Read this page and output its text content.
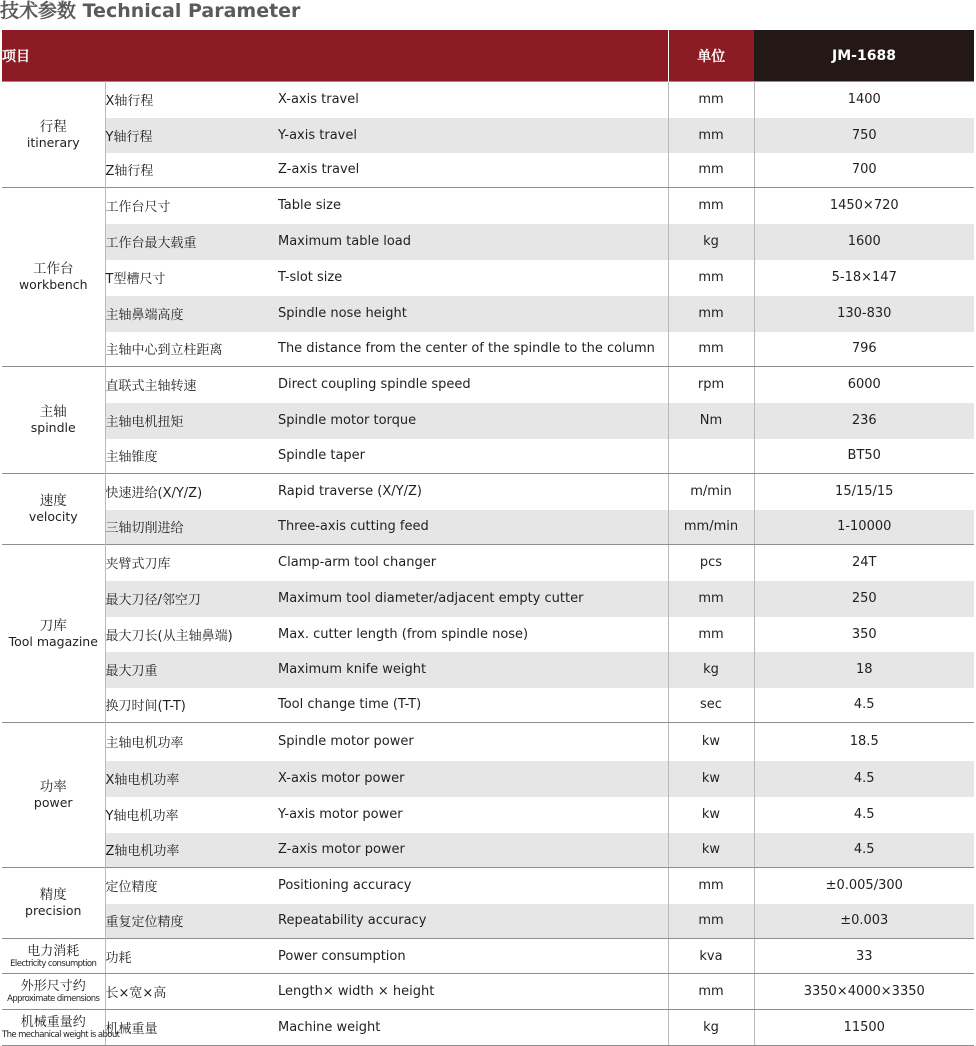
技术参数 Technical Parameter
项目			单位	JM-1688

行程
itinerary	X轴行程	X-axis travel	mm	1400
	Y轴行程	Y-axis travel	mm	750
	Z轴行程	Z-axis travel	mm	700

工作台
workbench	工作台尺寸	Table size	mm	1450×720
	工作台最大载重	Maximum table load	kg	1600
	T型槽尺寸	T-slot size	mm	5-18×147
	主轴鼻端高度	Spindle nose height	mm	130-830
	主轴中心到立柱距离	The distance from the center of the spindle to the column	mm	796

主轴
spindle	直联式主轴转速	Direct coupling spindle speed	rpm	6000
	主轴电机扭矩	Spindle motor torque	Nm	236
	主轴锥度	Spindle taper		BT50

速度
velocity	快速进给(X/Y/Z)	Rapid traverse (X/Y/Z)	m/min	15/15/15
	三轴切削进给	Three-axis cutting feed	mm/min	1-10000

刀库
Tool magazine	夹臂式刀库	Clamp-arm tool changer	pcs	24T
	最大刀径/邻空刀	Maximum tool diameter/adjacent empty cutter	mm	250
	最大刀长(从主轴鼻端)	Max. cutter length (from spindle nose)	mm	350
	最大刀重	Maximum knife weight	kg	18
	换刀时间(T-T)	Tool change time (T-T)	sec	4.5

功率
power	主轴电机功率	Spindle motor power	kw	18.5
	X轴电机功率	X-axis motor power	kw	4.5
	Y轴电机功率	Y-axis motor power	kw	4.5
	Z轴电机功率	Z-axis motor power	kw	4.5

精度
precision	定位精度	Positioning accuracy	mm	±0.005/300
	重复定位精度	Repeatability accuracy	mm	±0.003

电力消耗
Electricity consumption	功耗	Power consumption	kva	33

外形尺寸约
Approximate dimensions	长×宽×高	Length× width × height	mm	3350×4000×3350

机械重量约
The mechanical weight is about	机械重量	Machine weight	kg	11500
